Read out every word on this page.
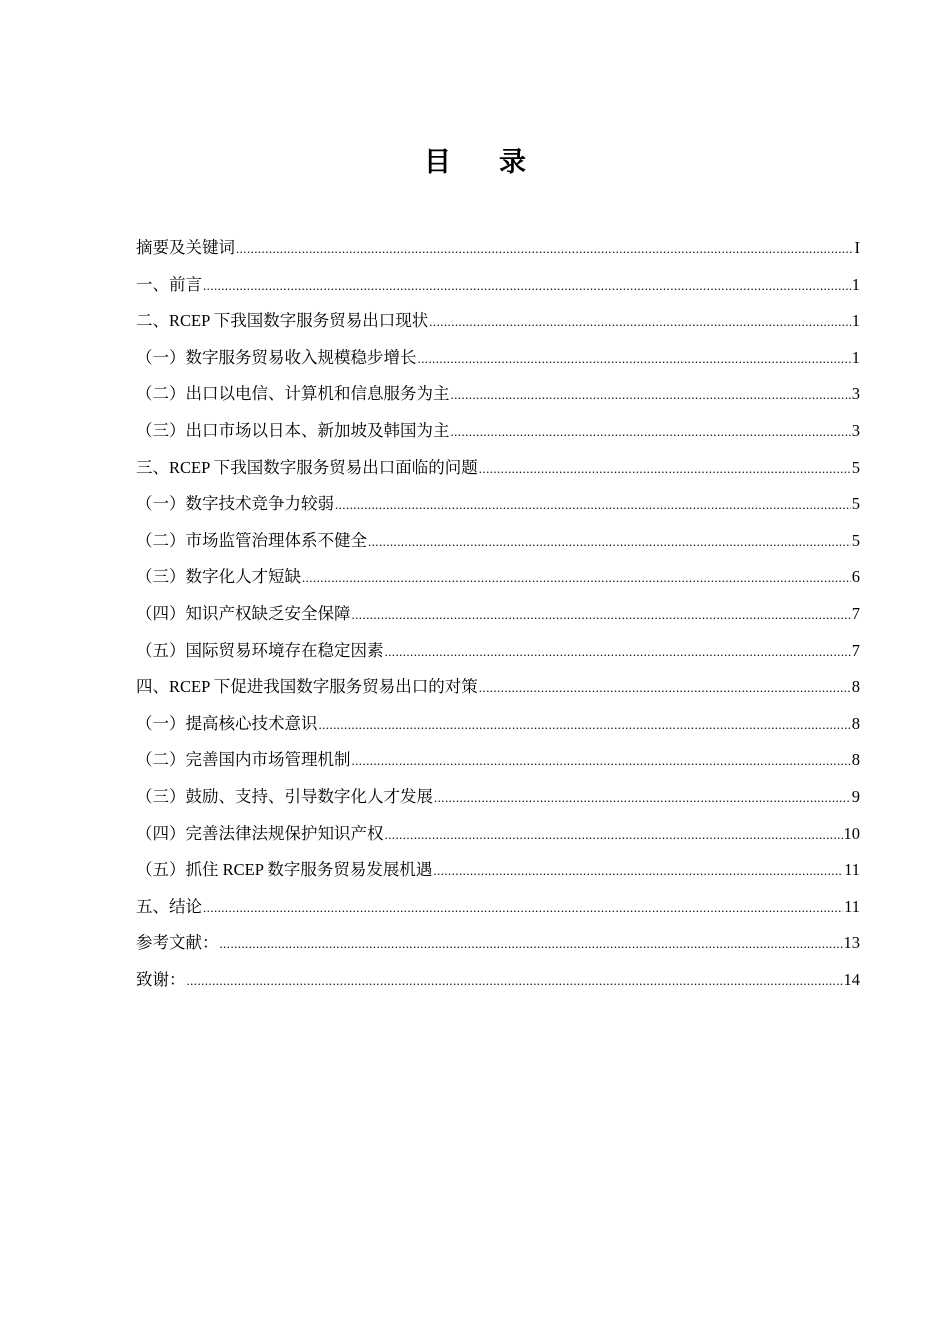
目 录
摘要及关键词 .....	I
一、前言 .....	1
二、RCEP 下我国数字服务贸易出口现状 .....	1
（一）数字服务贸易收入规模稳步增长 .....	1
（二）出口以电信、计算机和信息服务为主 .....	3
（三）出口市场以日本、新加坡及韩国为主 .....	3
三、RCEP 下我国数字服务贸易出口面临的问题 .....	5
（一）数字技术竞争力较弱 .....	5
（二）市场监管治理体系不健全 .....	5
（三）数字化人才短缺 .....	6
（四）知识产权缺乏安全保障 .....	7
（五）国际贸易环境存在稳定因素 .....	7
四、RCEP 下促进我国数字服务贸易出口的对策 .....	8
（一）提高核心技术意识 .....	8
（二）完善国内市场管理机制 .....	8
（三）鼓励、支持、引导数字化人才发展 .....	9
（四）完善法律法规保护知识产权 .....	10
（五）抓住 RCEP 数字服务贸易发展机遇 .....	11
五、结论 .....	11
参考文献： .....	13
致谢： .....	14
